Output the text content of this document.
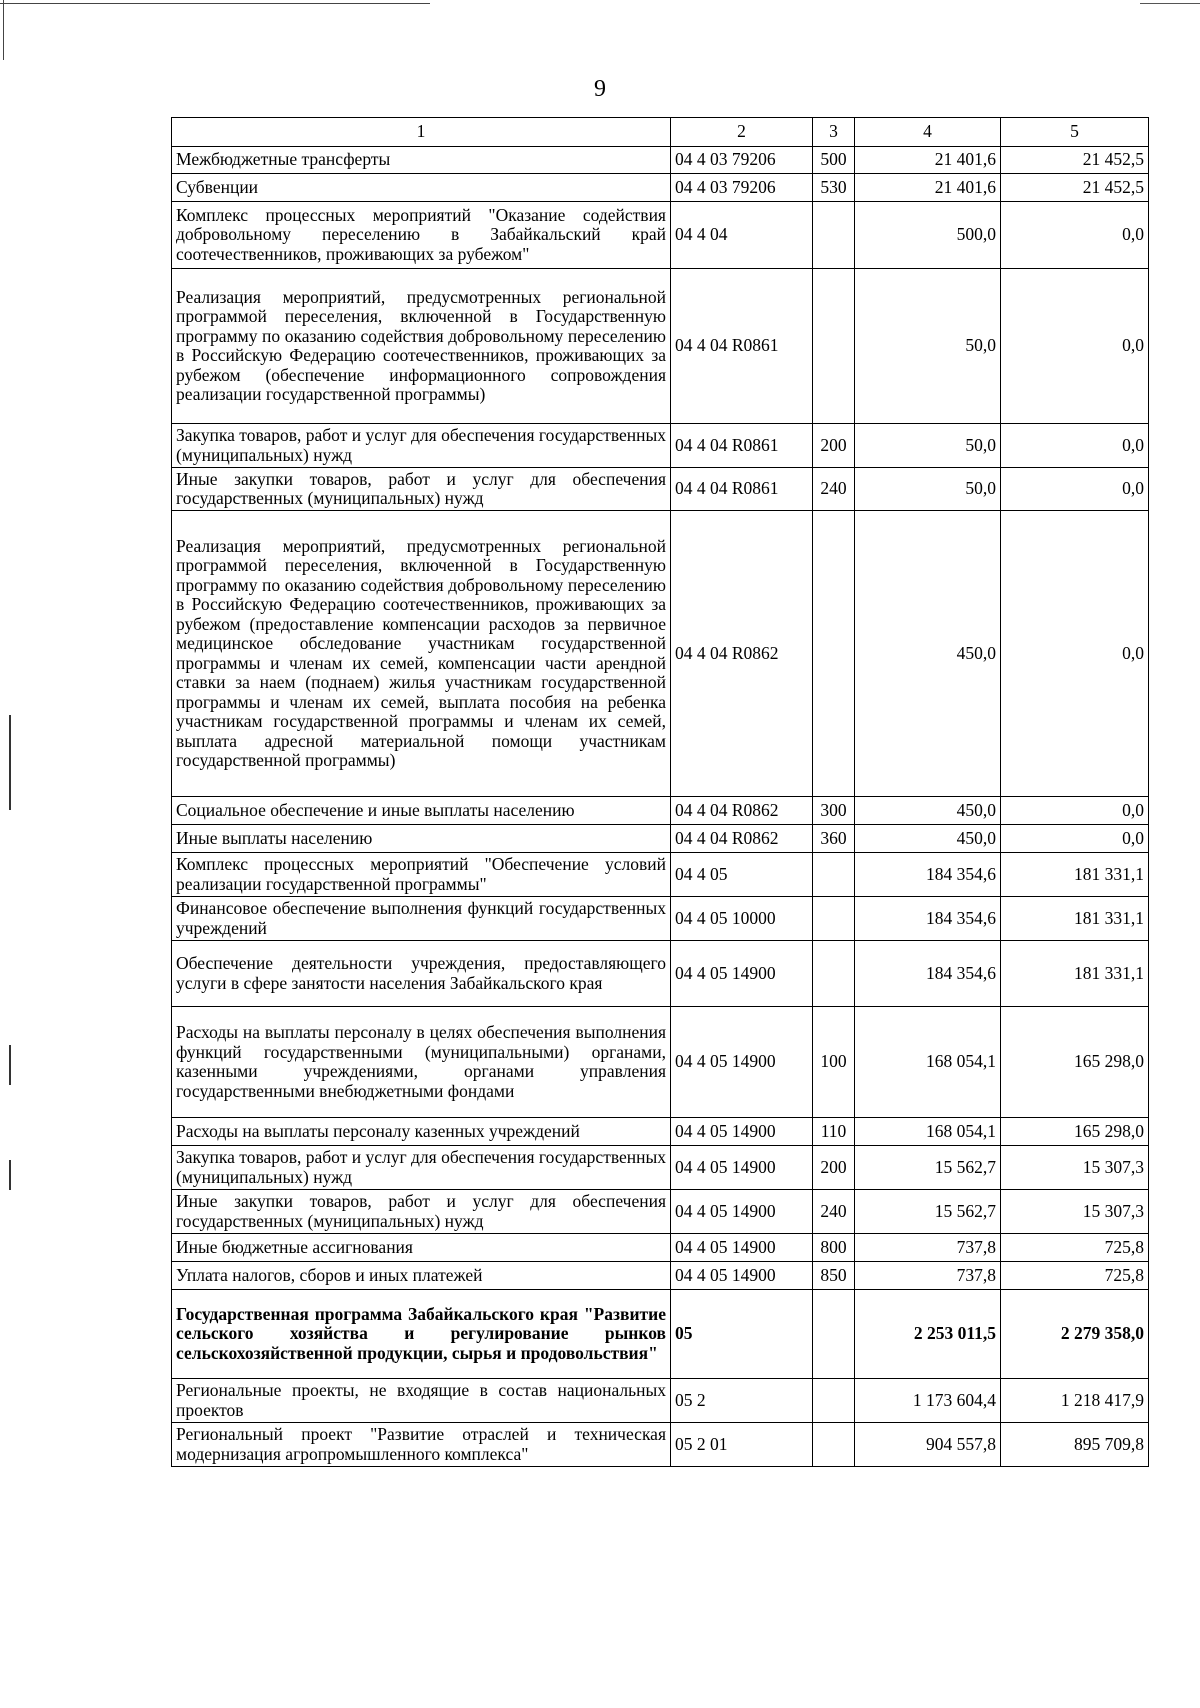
9
1	2	3	4	5
Межбюджетные трансферты	04 4 03 79206	500	21 401,6	21 452,5
Субвенции	04 4 03 79206	530	21 401,6	21 452,5
Комплекс процессных мероприятий "Оказание содействия добровольному переселению в Забайкальский край соотечественников, проживающих за рубежом"	04 4 04		500,0	0,0
Реализация мероприятий, предусмотренных региональной программой переселения, включенной в Государственную программу по оказанию содействия добровольному переселению в Российскую Федерацию соотечественников, проживающих за рубежом (обеспечение информационного сопровождения реализации государственной программы)	04 4 04 R0861		50,0	0,0
Закупка товаров, работ и услуг для обеспечения государственных (муниципальных) нужд	04 4 04 R0861	200	50,0	0,0
Иные закупки товаров, работ и услуг для обеспечения государственных (муниципальных) нужд	04 4 04 R0861	240	50,0	0,0
Реализация мероприятий, предусмотренных региональной программой переселения, включенной в Государственную программу по оказанию содействия добровольному переселению в Российскую Федерацию соотечественников, проживающих за рубежом (предоставление компенсации расходов за первичное медицинское обследование участникам государственной программы и членам их семей, компенсации части арендной ставки за наем (поднаем) жилья участникам государственной программы и членам их семей, выплата пособия на ребенка участникам государственной программы и членам их семей, выплата адресной материальной помощи участникам государственной программы)	04 4 04 R0862		450,0	0,0
Социальное обеспечение и иные выплаты населению	04 4 04 R0862	300	450,0	0,0
Иные выплаты населению	04 4 04 R0862	360	450,0	0,0
Комплекс процессных мероприятий "Обеспечение условий реализации государственной программы"	04 4 05		184 354,6	181 331,1
Финансовое обеспечение выполнения функций государственных учреждений	04 4 05 10000		184 354,6	181 331,1
Обеспечение деятельности учреждения, предоставляющего услуги в сфере занятости населения Забайкальского края	04 4 05 14900		184 354,6	181 331,1
Расходы на выплаты персоналу в целях обеспечения выполнения функций государственными (муниципальными) органами, казенными учреждениями, органами управления государственными внебюджетными фондами	04 4 05 14900	100	168 054,1	165 298,0
Расходы на выплаты персоналу казенных учреждений	04 4 05 14900	110	168 054,1	165 298,0
Закупка товаров, работ и услуг для обеспечения государственных (муниципальных) нужд	04 4 05 14900	200	15 562,7	15 307,3
Иные закупки товаров, работ и услуг для обеспечения государственных (муниципальных) нужд	04 4 05 14900	240	15 562,7	15 307,3
Иные бюджетные ассигнования	04 4 05 14900	800	737,8	725,8
Уплата налогов, сборов и иных платежей	04 4 05 14900	850	737,8	725,8
Государственная программа Забайкальского края "Развитие сельского хозяйства и регулирование рынков сельскохозяйственной продукции, сырья и продовольствия"	05		2 253 011,5	2 279 358,0
Региональные проекты, не входящие в состав национальных проектов	05 2		1 173 604,4	1 218 417,9
Региональный проект "Развитие отраслей и техническая модернизация агропромышленного комплекса"	05 2 01		904 557,8	895 709,8
